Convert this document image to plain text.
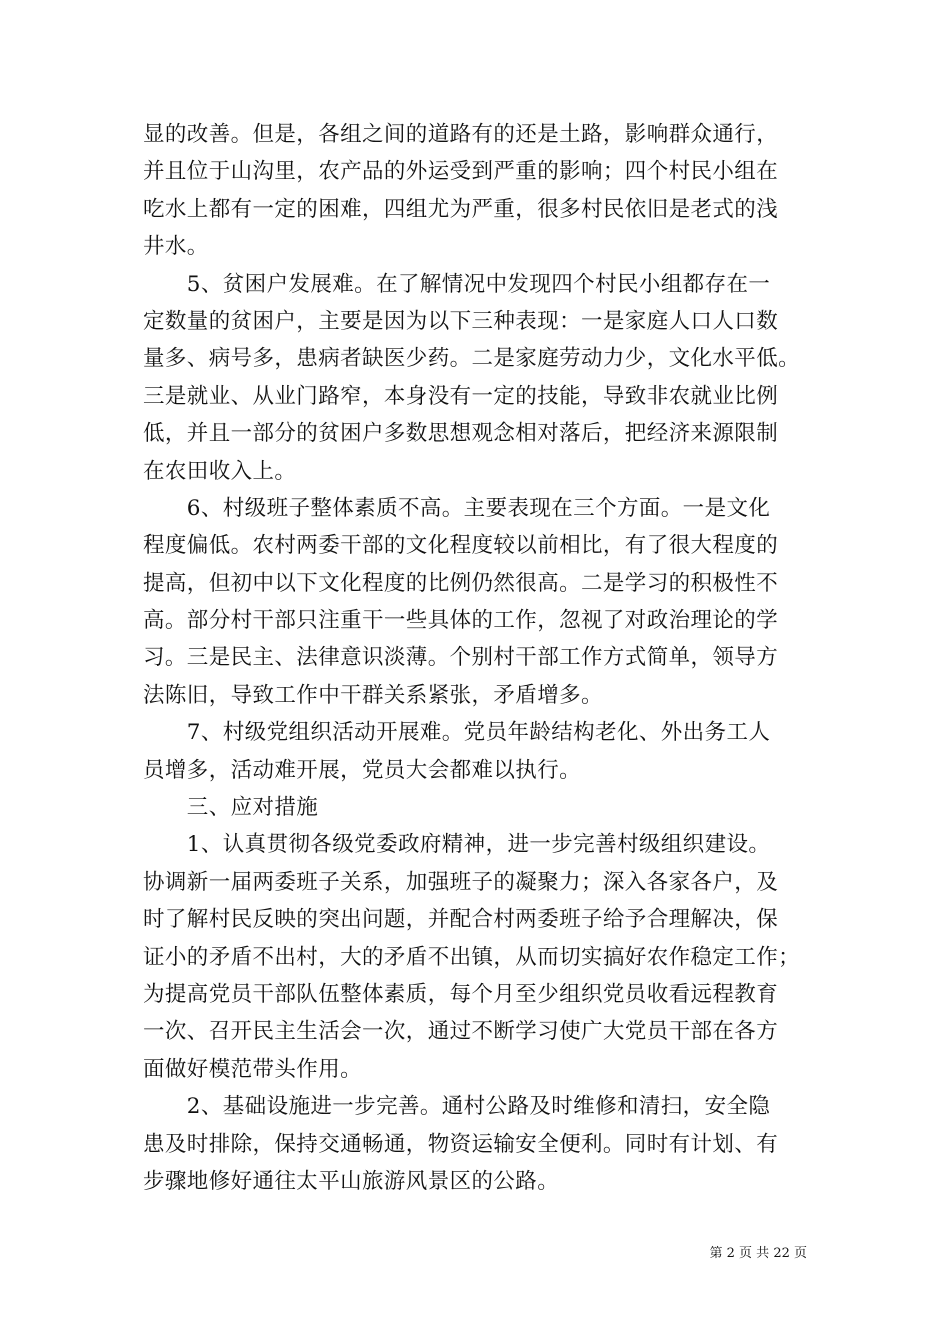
显的改善。但是，各组之间的道路有的还是土路，影响群众通行，
并且位于山沟里，农产品的外运受到严重的影响；四个村民小组在
吃水上都有一定的困难，四组尤为严重，很多村民依旧是老式的浅
井水。
　　5、贫困户发展难。在了解情况中发现四个村民小组都存在一
定数量的贫困户，主要是因为以下三种表现：一是家庭人口人口数
量多、病号多，患病者缺医少药。二是家庭劳动力少，文化水平低。
三是就业、从业门路窄，本身没有一定的技能，导致非农就业比例
低，并且一部分的贫困户多数思想观念相对落后，把经济来源限制
在农田收入上。
　　6、村级班子整体素质不高。主要表现在三个方面。一是文化
程度偏低。农村两委干部的文化程度较以前相比，有了很大程度的
提高，但初中以下文化程度的比例仍然很高。二是学习的积极性不
高。部分村干部只注重干一些具体的工作，忽视了对政治理论的学
习。三是民主、法律意识淡薄。个别村干部工作方式简单，领导方
法陈旧，导致工作中干群关系紧张，矛盾增多。
　　7、村级党组织活动开展难。党员年龄结构老化、外出务工人
员增多，活动难开展，党员大会都难以执行。
　　三、应对措施
　　1、认真贯彻各级党委政府精神，进一步完善村级组织建设。
协调新一届两委班子关系，加强班子的凝聚力；深入各家各户，及
时了解村民反映的突出问题，并配合村两委班子给予合理解决，保
证小的矛盾不出村，大的矛盾不出镇，从而切实搞好农作稳定工作；
为提高党员干部队伍整体素质，每个月至少组织党员收看远程教育
一次、召开民主生活会一次，通过不断学习使广大党员干部在各方
面做好模范带头作用。
　　2、基础设施进一步完善。通村公路及时维修和清扫，安全隐
患及时排除，保持交通畅通，物资运输安全便利。同时有计划、有
步骤地修好通往太平山旅游风景区的公路。
第 2 页 共 22 页
